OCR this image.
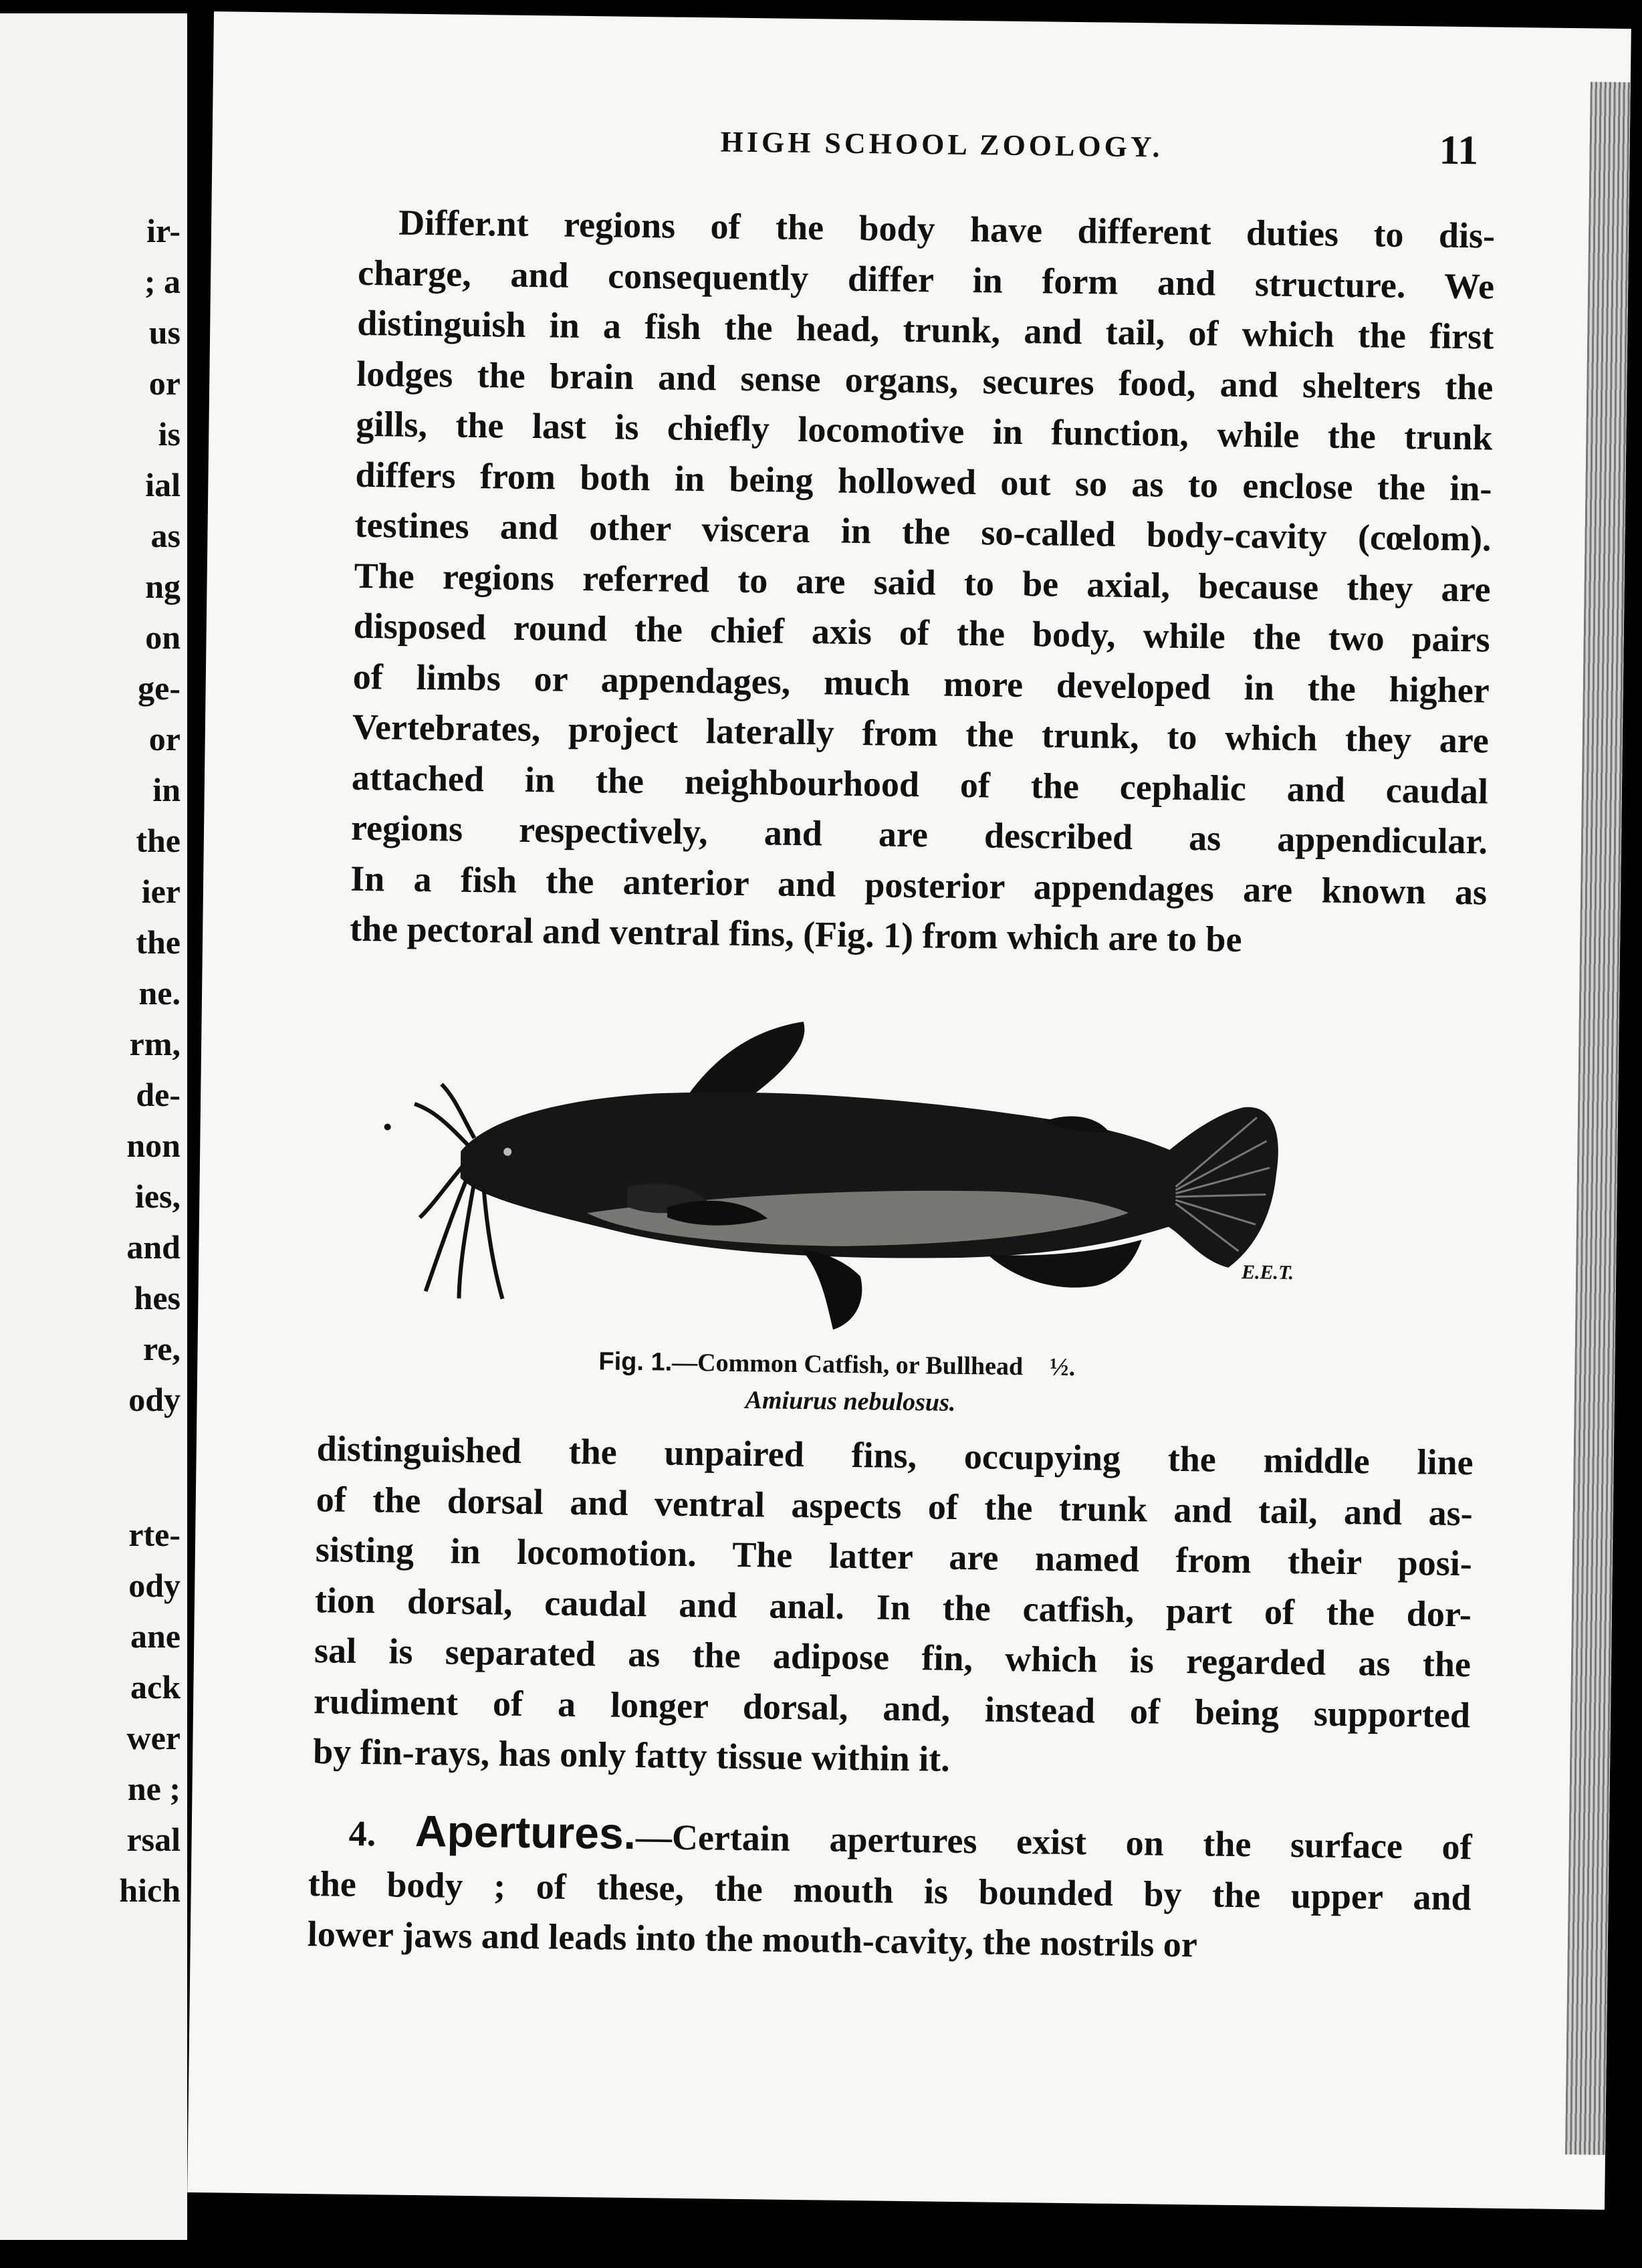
ir-
; a
us
or
is
ial
as
ng
on
ge-
or
in
the
ier
the
ne.
rm,
de-
non
ies,
and
hes
re,
ody
rte-
ody
ane
ack
wer
ne ;
rsal
hich
HIGH SCHOOL ZOOLOGY.	11
Differ.nt regions of the body have different duties to dis-
charge, and consequently differ in form and structure. We
distinguish in a fish the head, trunk, and tail, of which the first
lodges the brain and sense organs, secures food, and shelters the
gills, the last is chiefly locomotive in function, while the trunk
differs from both in being hollowed out so as to enclose the in-
testines and other viscera in the so-called body-cavity (cœlom).
The regions referred to are said to be axial, because they are
disposed round the chief axis of the body, while the two pairs
of limbs or appendages, much more developed in the higher
Vertebrates, project laterally from the trunk, to which they are
attached in the neighbourhood of the cephalic and caudal
regions respectively, and are described as appendicular.
In a fish the anterior and posterior appendages are known as
the pectoral and ventral fins, (Fig. 1) from which are to be
E.E.T.
Fig. 1.—Common Catfish, or Bullhead ½.
Amiurus nebulosus.
distinguished the unpaired fins, occupying the middle line
of the dorsal and ventral aspects of the trunk and tail, and as-
sisting in locomotion. The latter are named from their posi-
tion dorsal, caudal and anal. In the catfish, part of the dor-
sal is separated as the adipose fin, which is regarded as the
rudiment of a longer dorsal, and, instead of being supported
by fin-rays, has only fatty tissue within it.
4. Apertures.—Certain apertures exist on the surface of
the body ; of these, the mouth is bounded by the upper and
lower jaws and leads into the mouth-cavity, the nostrils or
